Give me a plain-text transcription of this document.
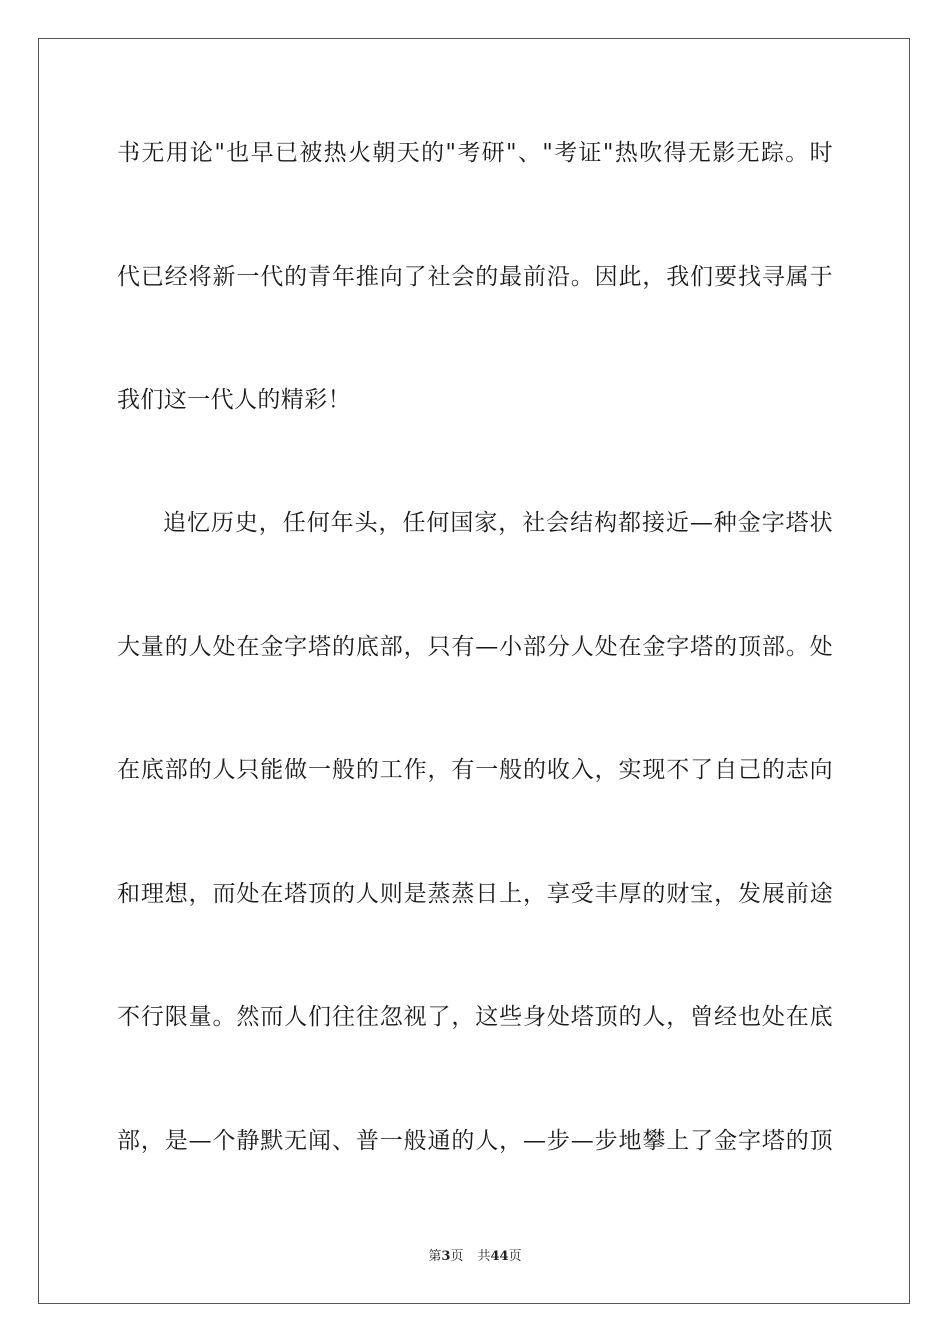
书无用论"也早已被热火朝天的"考研"、"考证"热吹得无影无踪。时
代已经将新一代的青年推向了社会的最前沿。因此，我们要找寻属于
我们这一代人的精彩！
追忆历史，任何年头，任何国家，社会结构都接近—种金字塔状
大量的人处在金字塔的底部，只有—小部分人处在金字塔的顶部。处
在底部的人只能做一般的工作，有一般的收入，实现不了自己的志向
和理想，而处在塔顶的人则是蒸蒸日上，享受丰厚的财宝，发展前途
不行限量。然而人们往往忽视了，这些身处塔顶的人，曾经也处在底
部，是—个静默无闻、普一般通的人，—步—步地攀上了金字塔的顶
第3页 共44页
